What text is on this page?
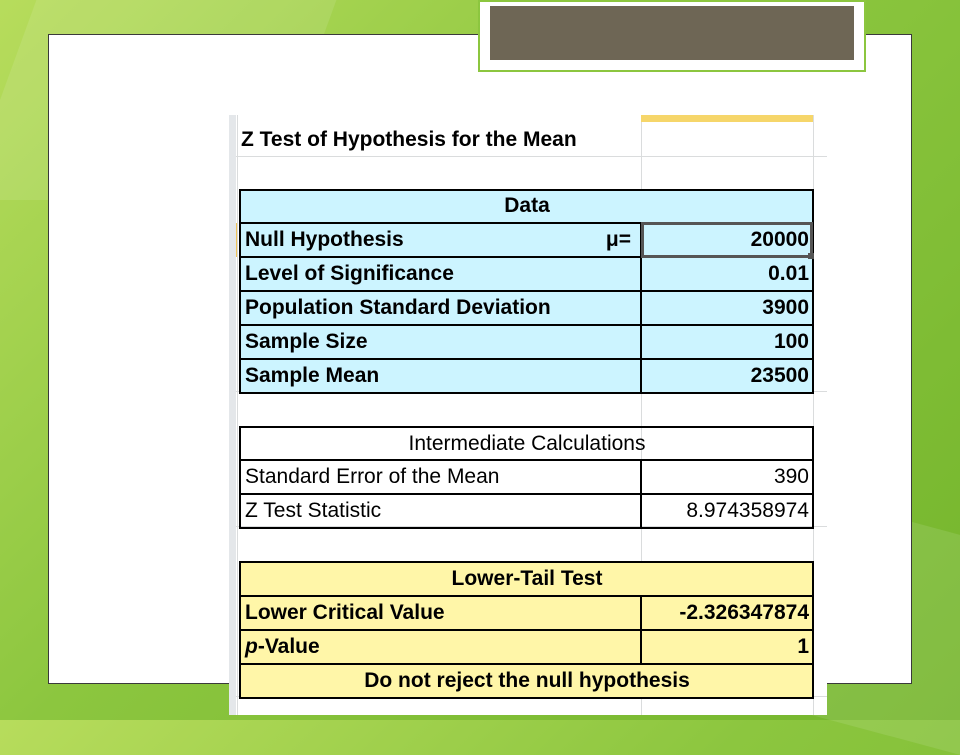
Z Test of Hypothesis for the Mean
Data
Null Hypothesis	μ=	20000
Level of Significance	0.01
Population Standard Deviation	3900
Sample Size	100
Sample Mean	23500
Intermediate Calculations
Standard Error of the Mean	390
Z Test Statistic	8.974358974
Lower-Tail Test
Lower Critical Value	-2.326347874
p -Value	1
Do not reject the null hypothesis
